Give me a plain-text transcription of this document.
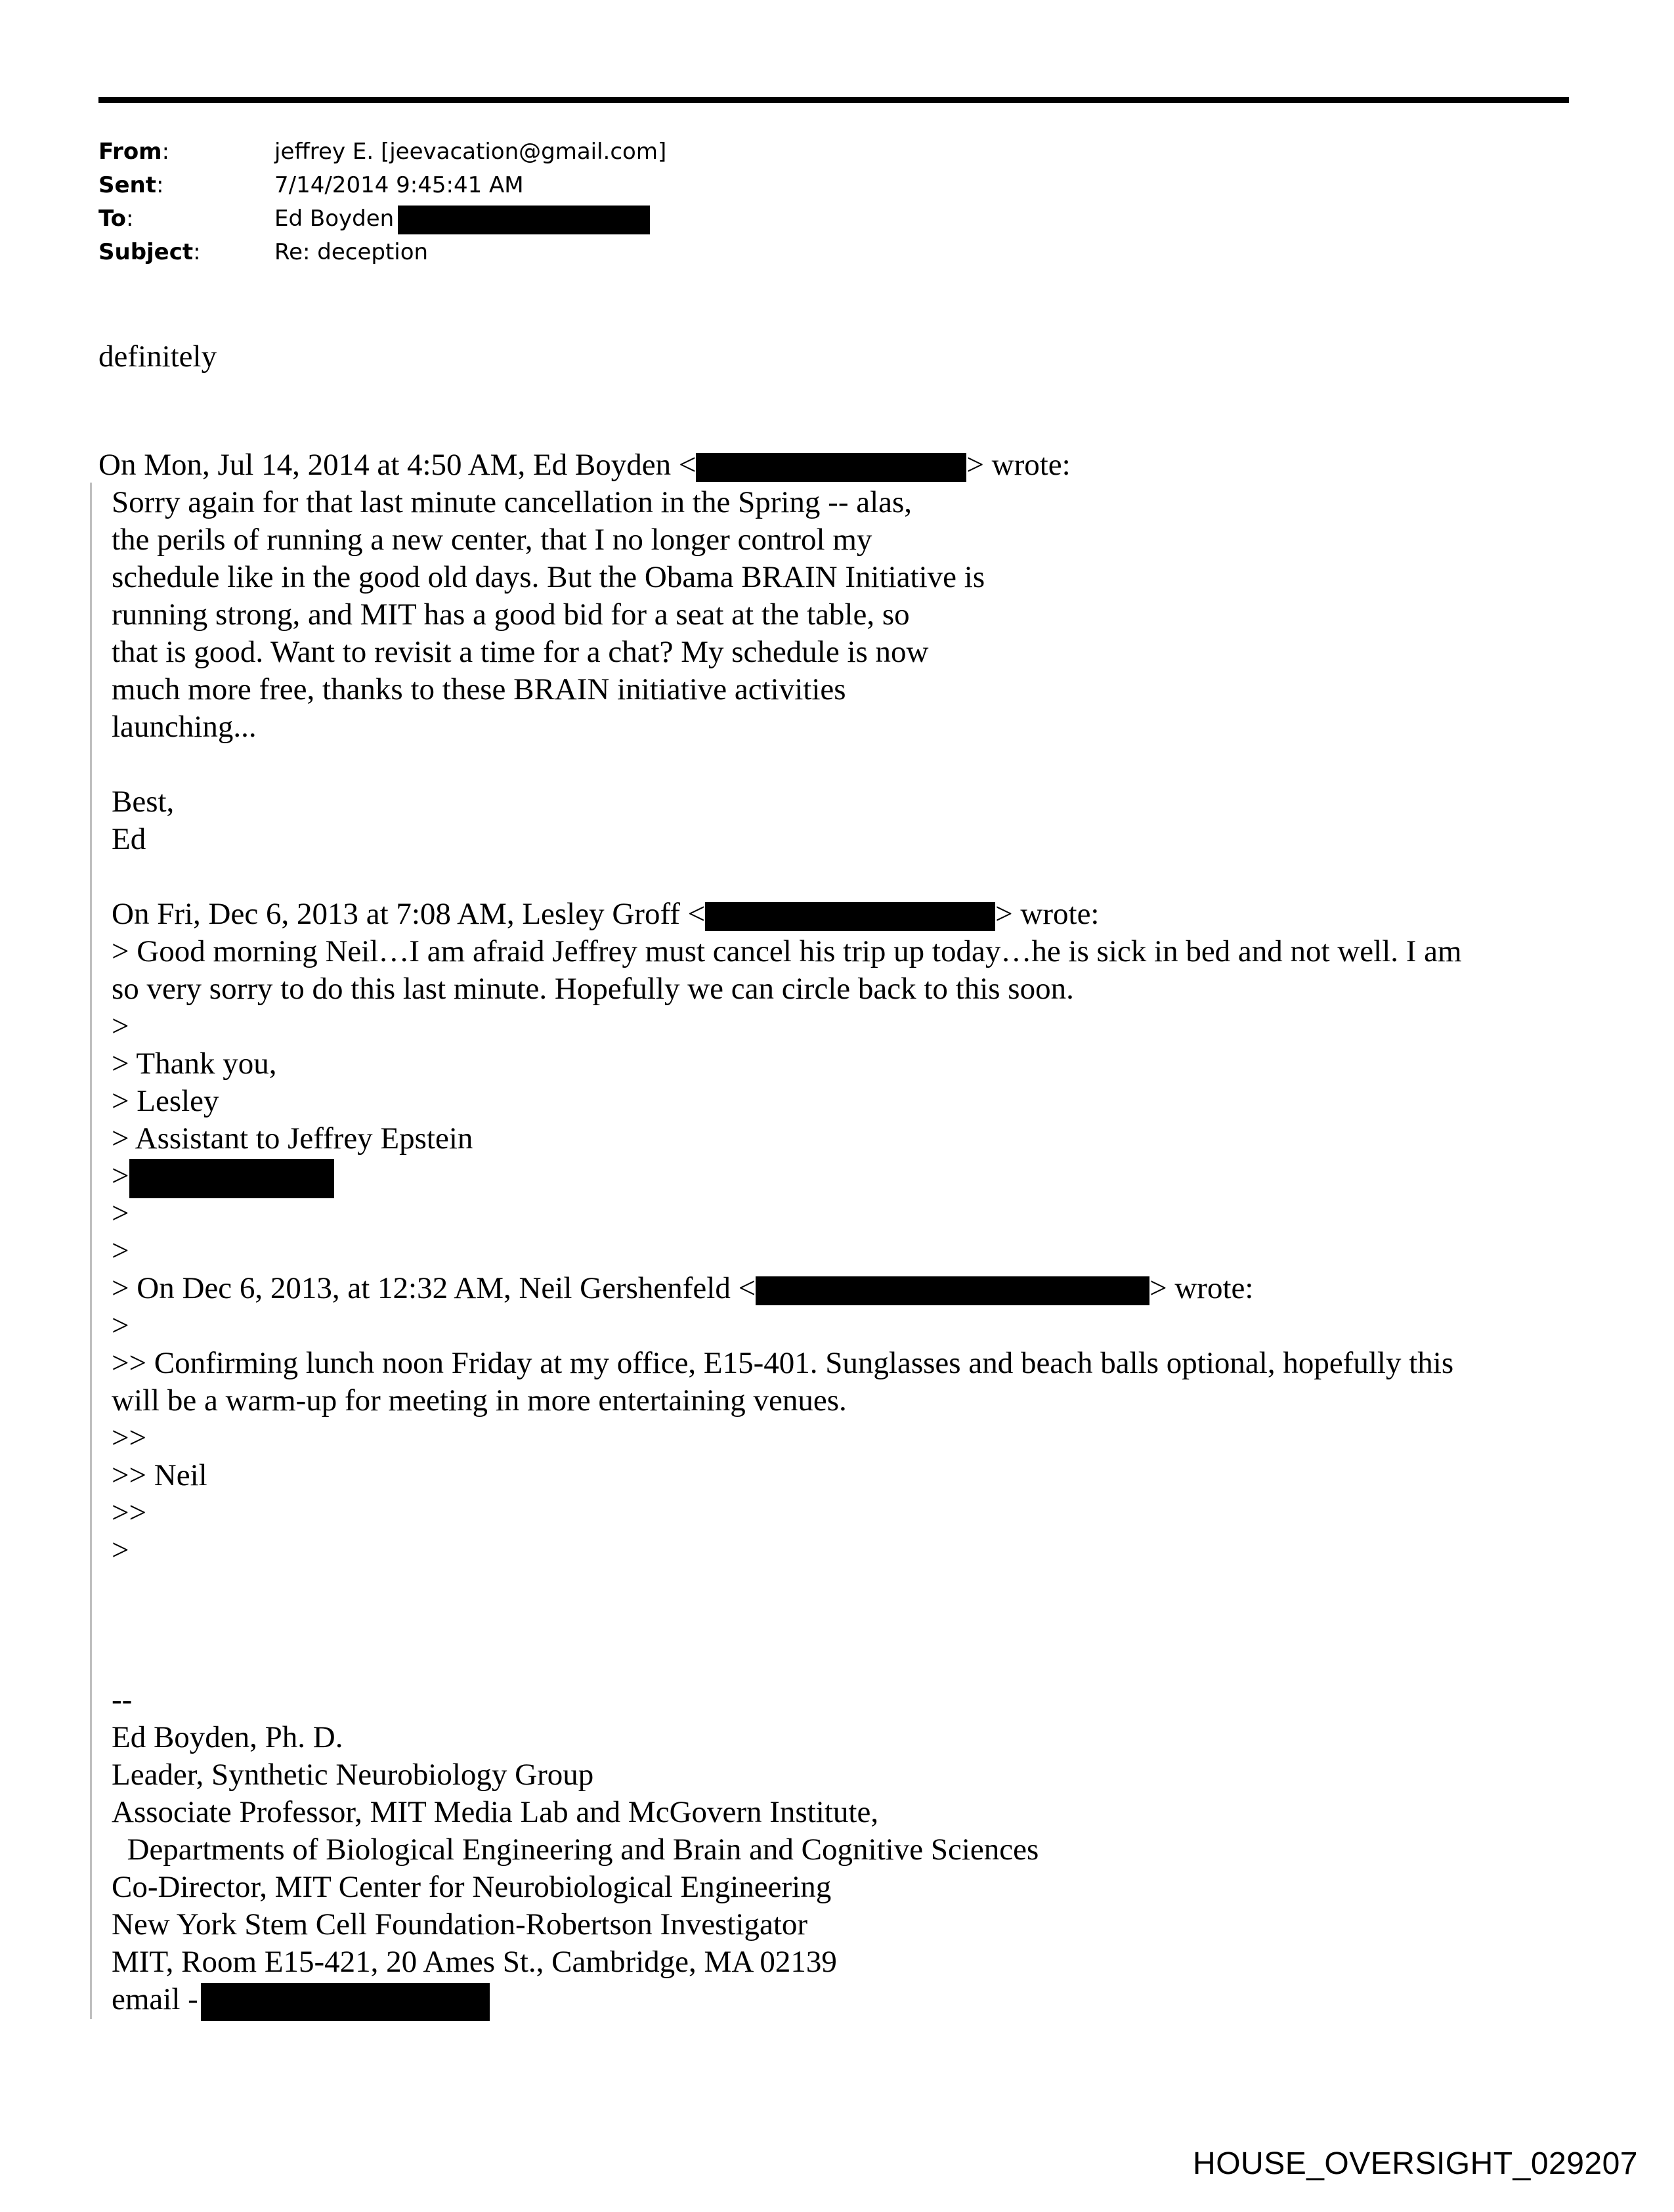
From:	jeffrey E. [jeevacation@gmail.com]
Sent:	7/14/2014 9:45:41 AM
To:	Ed Boyden
Subject:	Re: deception
definitely
On Mon, Jul 14, 2014 at 4:50 AM, Ed Boyden <	> wrote:
Sorry again for that last minute cancellation in the Spring -- alas,
the perils of running a new center, that I no longer control my
schedule like in the good old days. But the Obama BRAIN Initiative is
running strong, and MIT has a good bid for a seat at the table, so
that is good. Want to revisit a time for a chat? My schedule is now
much more free, thanks to these BRAIN initiative activities
launching...
Best,
Ed
On Fri, Dec 6, 2013 at 7:08 AM, Lesley Groff <	> wrote:
> Good morning Neil…I am afraid Jeffrey must cancel his trip up today…he is sick in bed and not well. I am
so very sorry to do this last minute. Hopefully we can circle back to this soon.
>
> Thank you,
> Lesley
> Assistant to Jeffrey Epstein
>
>
>
> On Dec 6, 2013, at 12:32 AM, Neil Gershenfeld <	> wrote:
>
>> Confirming lunch noon Friday at my office, E15-401. Sunglasses and beach balls optional, hopefully this
will be a warm-up for meeting in more entertaining venues.
>>
>> Neil
>>
>
--
Ed Boyden, Ph. D.
Leader, Synthetic Neurobiology Group
Associate Professor, MIT Media Lab and McGovern Institute,
Departments of Biological Engineering and Brain and Cognitive Sciences
Co-Director, MIT Center for Neurobiological Engineering
New York Stem Cell Foundation-Robertson Investigator
MIT, Room E15-421, 20 Ames St., Cambridge, MA 02139
email -
HOUSE_OVERSIGHT_029207
